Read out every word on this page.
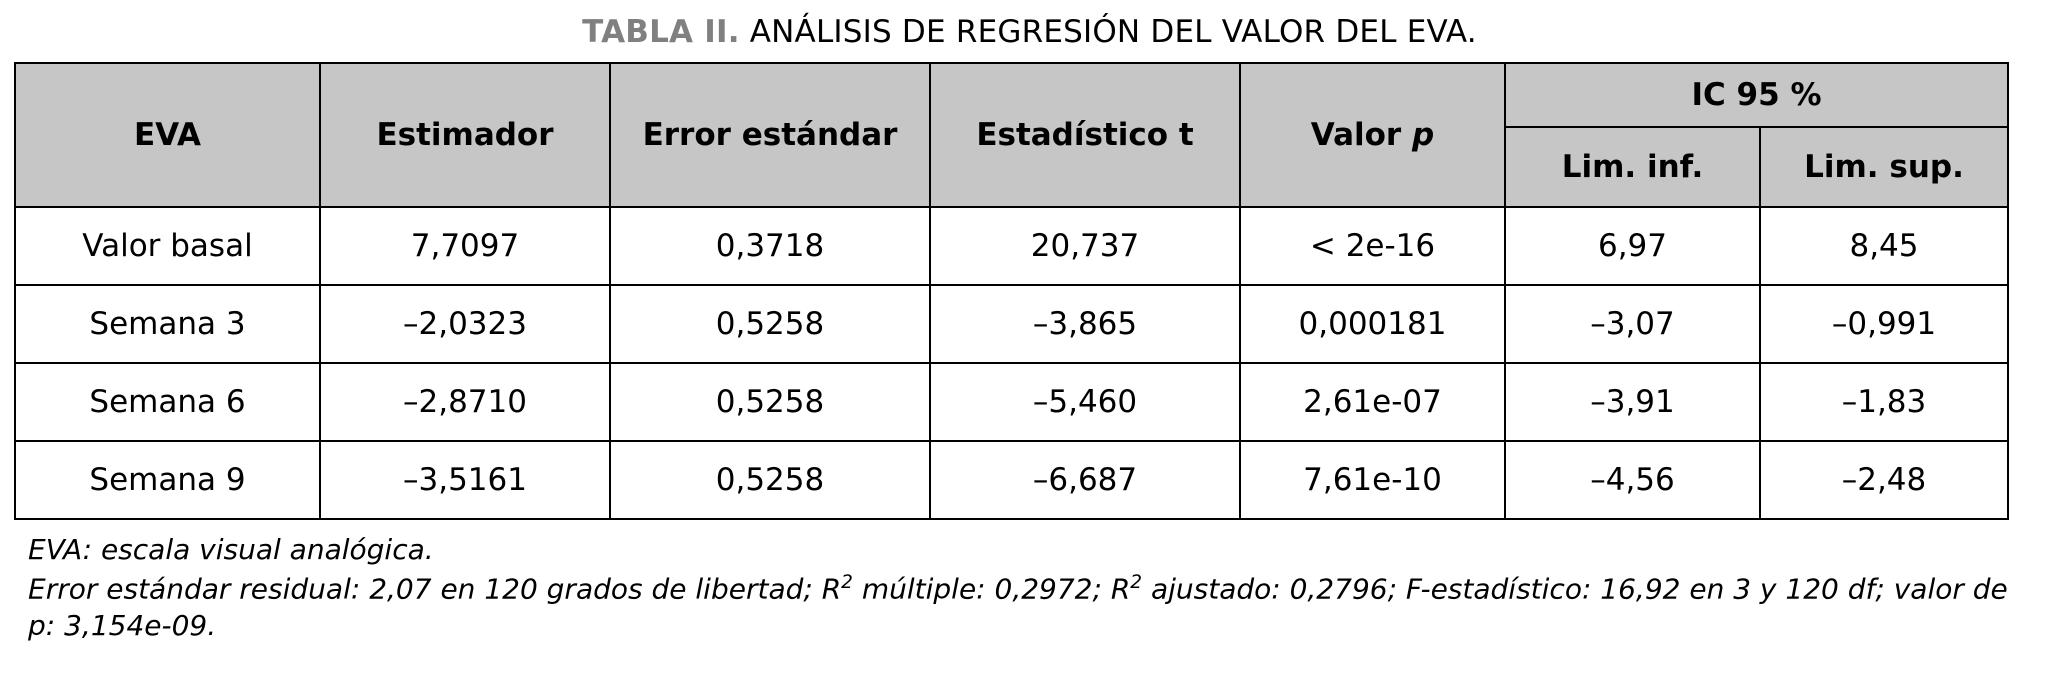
TABLA II. ANÁLISIS DE REGRESIÓN DEL VALOR DEL EVA.
EVA	Estimador	Error estándar	Estadístico t	Valor p	IC 95 %	
					Lim. inf.	Lim. sup.
Valor basal	7,7097	0,3718	20,737	< 2e-16	6,97	8,45
Semana 3	–2,0323	0,5258	–3,865	0,000181	–3,07	–0,991
Semana 6	–2,8710	0,5258	–5,460	2,61e-07	–3,91	–1,83
Semana 9	–3,5161	0,5258	–6,687	7,61e-10	–4,56	–2,48

EVA: escala visual analógica.

Error estándar residual: 2,07 en 120 grados de libertad; $R^2$ múltiple: 0,2972; $R^2$ ajustado: 0,2796; F-estadístico: 16,92 en 3 y 120 df; valor de p: 3,154e-09.
